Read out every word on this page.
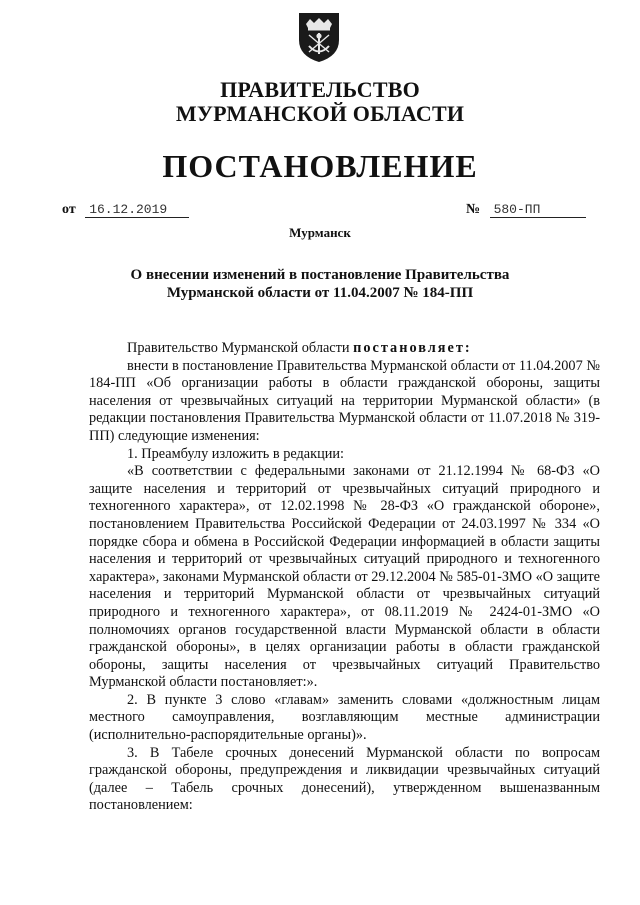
ПРАВИТЕЛЬСТВО
МУРМАНСКОЙ ОБЛАСТИ
ПОСТАНОВЛЕНИЕ
от 16.12.2019	№ 580-ПП
Мурманск
О внесении изменений в постановление Правительства
Мурманской области от 11.04.2007 № 184-ПП

Правительство Мурманской области постановляет:

внести в постановление Правительства Мурманской области от 11.04.2007 № 184-ПП «Об организации работы в области гражданской обороны, защиты населения от чрезвычайных ситуаций на территории Мурманской области» (в редакции постановления Правительства Мурманской области от 11.07.2018 № 319-ПП) следующие изменения:

1. Преамбулу изложить в редакции:

«В соответствии с федеральными законами от 21.12.1994 № 68-ФЗ «О защите населения и территорий от чрезвычайных ситуаций природного и техногенного характера», от 12.02.1998 № 28-ФЗ «О гражданской обороне», постановлением Правительства Российской Федерации от 24.03.1997 № 334 «О порядке сбора и обмена в Российской Федерации информацией в области защиты населения и территорий от чрезвычайных ситуаций природного и техногенного характера», законами Мурманской области от 29.12.2004 № 585-01-ЗМО «О защите населения и территорий Мурманской области от чрезвычайных ситуаций природного и техногенного характера», от 08.11.2019 № 2424-01-ЗМО «О полномочиях органов государственной власти Мурманской области в области гражданской обороны», в целях организации работы в области гражданской обороны, защиты населения от чрезвычайных ситуаций Правительство Мурманской области постановляет:».

2. В пункте 3 слово «главам» заменить словами «должностным лицам местного самоуправления, возглавляющим местные администрации (исполнительно-распорядительные органы)».

3. В Табеле срочных донесений Мурманской области по вопросам гражданской обороны, предупреждения и ликвидации чрезвычайных ситуаций (далее – Табель срочных донесений), утвержденном вышеназванным постановлением:
